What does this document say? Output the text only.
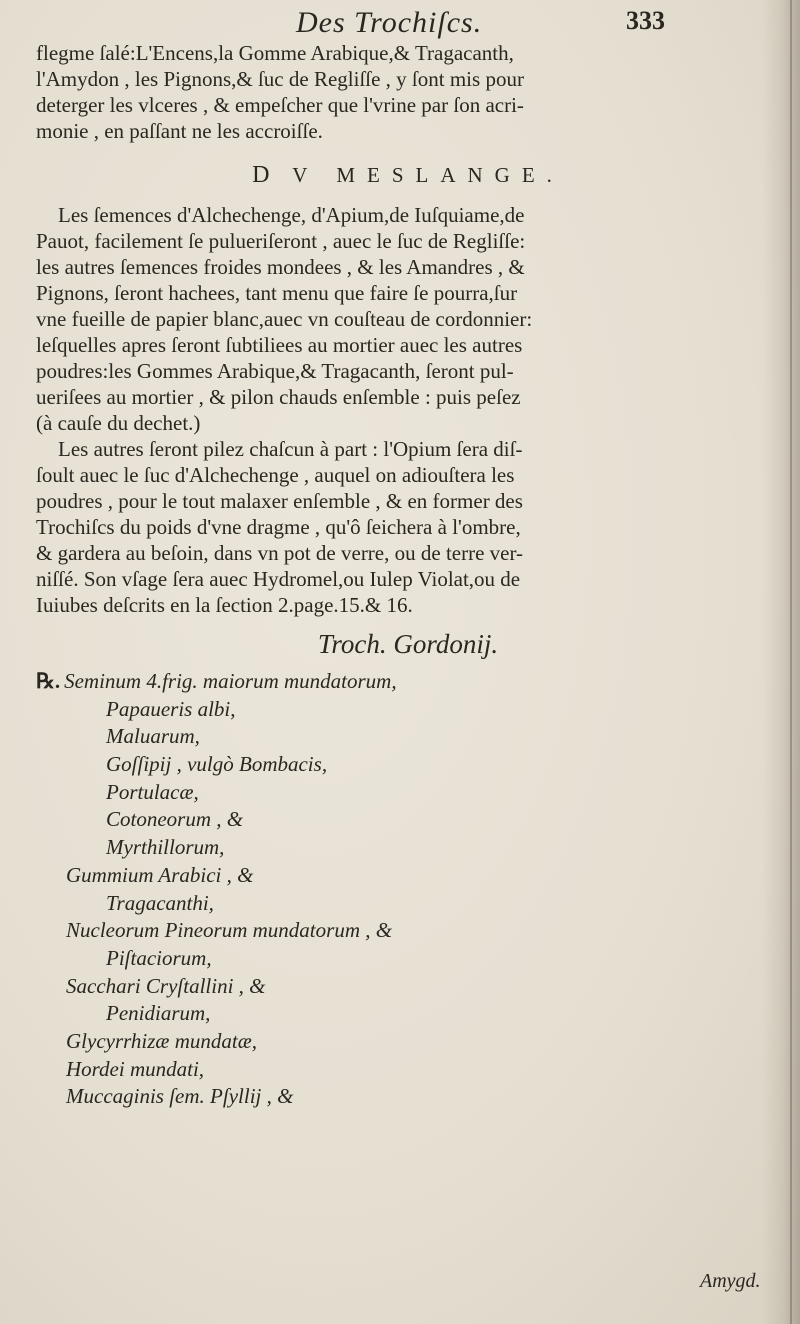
Des Trochiſcs.	333
flegme ſalé:L'Encens,la Gomme Arabique,& Tragacanth,
l'Amydon , les Pignons,& ſuc de Regliſſe , y ſont mis pour
deterger les vlceres , & empeſcher que l'vrine par ſon acri-
monie , en paſſant ne les accroiſſe.
D V MESLANGE.
Les ſemences d'Alchechenge, d'Apium,de Iuſquiame,de
Pauot, facilement ſe pulueriſeront , auec le ſuc de Regliſſe:
les autres ſemences froides mondees , & les Amandres , &
Pignons, ſeront hachees, tant menu que faire ſe pourra,ſur
vne fueille de papier blanc,auec vn couſteau de cordonnier:
leſquelles apres ſeront ſubtiliees au mortier auec les autres
poudres:les Gommes Arabique,& Tragacanth, ſeront pul-
ueriſees au mortier , & pilon chauds enſemble : puis peſez
(à cauſe du dechet.)
Les autres ſeront pilez chaſcun à part : l'Opium ſera diſ-
ſoult auec le ſuc d'Alchechenge , auquel on adiouſtera les
poudres , pour le tout malaxer enſemble , & en former des
Trochiſcs du poids d'vne dragme , qu'ô ſeichera à l'ombre,
& gardera au beſoin, dans vn pot de verre, ou de terre ver-
niſſé. Son vſage ſera auec Hydromel,ou Iulep Violat,ou de
Iuiubes deſcrits en la ſection 2.page.15.& 16.
Troch. Gordonij.
℞. Seminum 4.frig. maiorum mundatorum,
Papaueris albi,
Maluarum,
Goſſipij , vulgò Bombacis,
Portulacæ,
Cotoneorum , &
Myrthillorum,
Gummium Arabici , &
Tragacanthi,
Nucleorum Pineorum mundatorum , &
Piſtaciorum,
Sacchari Cryſtallini , &
Penidiarum,
Glycyrrhizæ mundatæ,
Hordei mundati,
Muccaginis ſem. Pſyllij , &
Amygd.
